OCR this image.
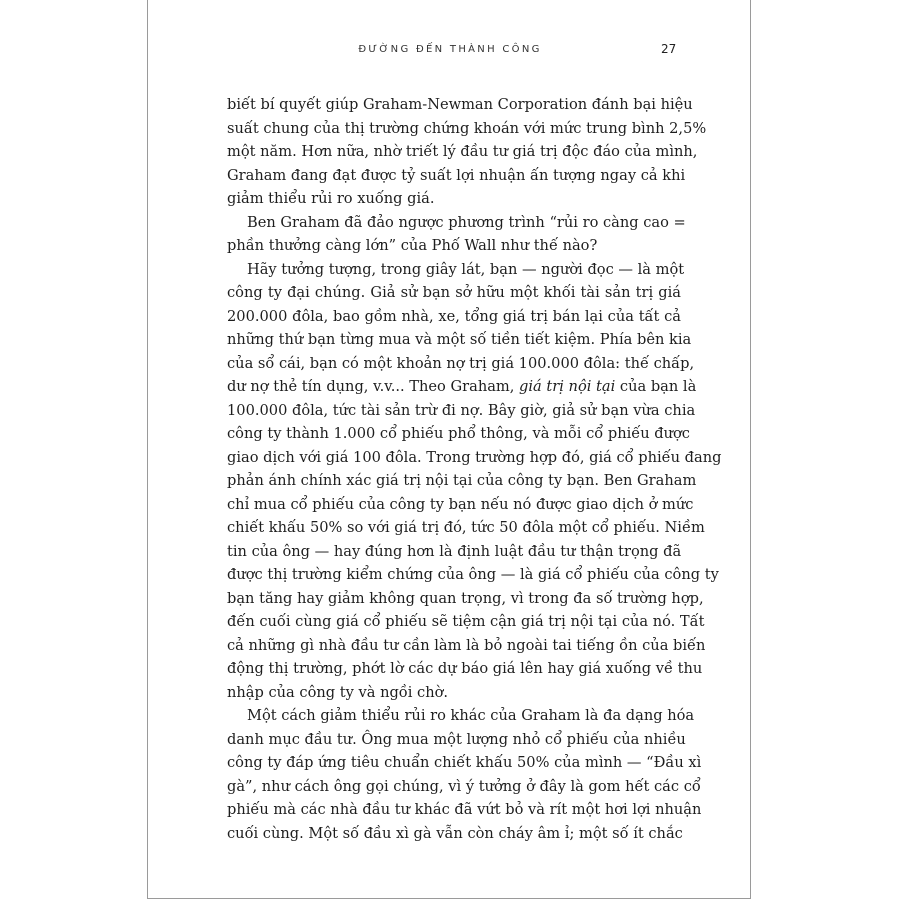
ĐƯỜNG ĐẾN THÀNH CÔNG	27

biết bí quyết giúp Graham-Newman Corporation đánh bại hiệu
suất chung của thị trường chứng khoán với mức trung bình 2,5%
một năm. Hơn nữa, nhờ triết lý đầu tư giá trị độc đáo của mình,
Graham đang đạt được tỷ suất lợi nhuận ấn tượng ngay cả khi
giảm thiểu rủi ro xuống giá.

Ben Graham đã đảo ngược phương trình “rủi ro càng cao =
phần thưởng càng lớn” của Phố Wall như thế nào?

Hãy tưởng tượng, trong giây lát, bạn — người đọc — là một
công ty đại chúng. Giả sử bạn sở hữu một khối tài sản trị giá
200.000 đôla, bao gồm nhà, xe, tổng giá trị bán lại của tất cả
những thứ bạn từng mua và một số tiền tiết kiệm. Phía bên kia
của sổ cái, bạn có một khoản nợ trị giá 100.000 đôla: thế chấp,
dư nợ thẻ tín dụng, v.v... Theo Graham, giá trị nội tại của bạn là
100.000 đôla, tức tài sản trừ đi nợ. Bây giờ, giả sử bạn vừa chia
công ty thành 1.000 cổ phiếu phổ thông, và mỗi cổ phiếu được
giao dịch với giá 100 đôla. Trong trường hợp đó, giá cổ phiếu đang
phản ánh chính xác giá trị nội tại của công ty bạn. Ben Graham
chỉ mua cổ phiếu của công ty bạn nếu nó được giao dịch ở mức
chiết khấu 50% so với giá trị đó, tức 50 đôla một cổ phiếu. Niềm
tin của ông — hay đúng hơn là định luật đầu tư thận trọng đã
được thị trường kiểm chứng của ông — là giá cổ phiếu của công ty
bạn tăng hay giảm không quan trọng, vì trong đa số trường hợp,
đến cuối cùng giá cổ phiếu sẽ tiệm cận giá trị nội tại của nó. Tất
cả những gì nhà đầu tư cần làm là bỏ ngoài tai tiếng ồn của biến
động thị trường, phớt lờ các dự báo giá lên hay giá xuống về thu
nhập của công ty và ngồi chờ.

Một cách giảm thiểu rủi ro khác của Graham là đa dạng hóa
danh mục đầu tư. Ông mua một lượng nhỏ cổ phiếu của nhiều
công ty đáp ứng tiêu chuẩn chiết khấu 50% của mình — “Đầu xì
gà”, như cách ông gọi chúng, vì ý tưởng ở đây là gom hết các cổ
phiếu mà các nhà đầu tư khác đã vứt bỏ và rít một hơi lợi nhuận
cuối cùng. Một số đầu xì gà vẫn còn cháy âm ỉ; một số ít chắc
